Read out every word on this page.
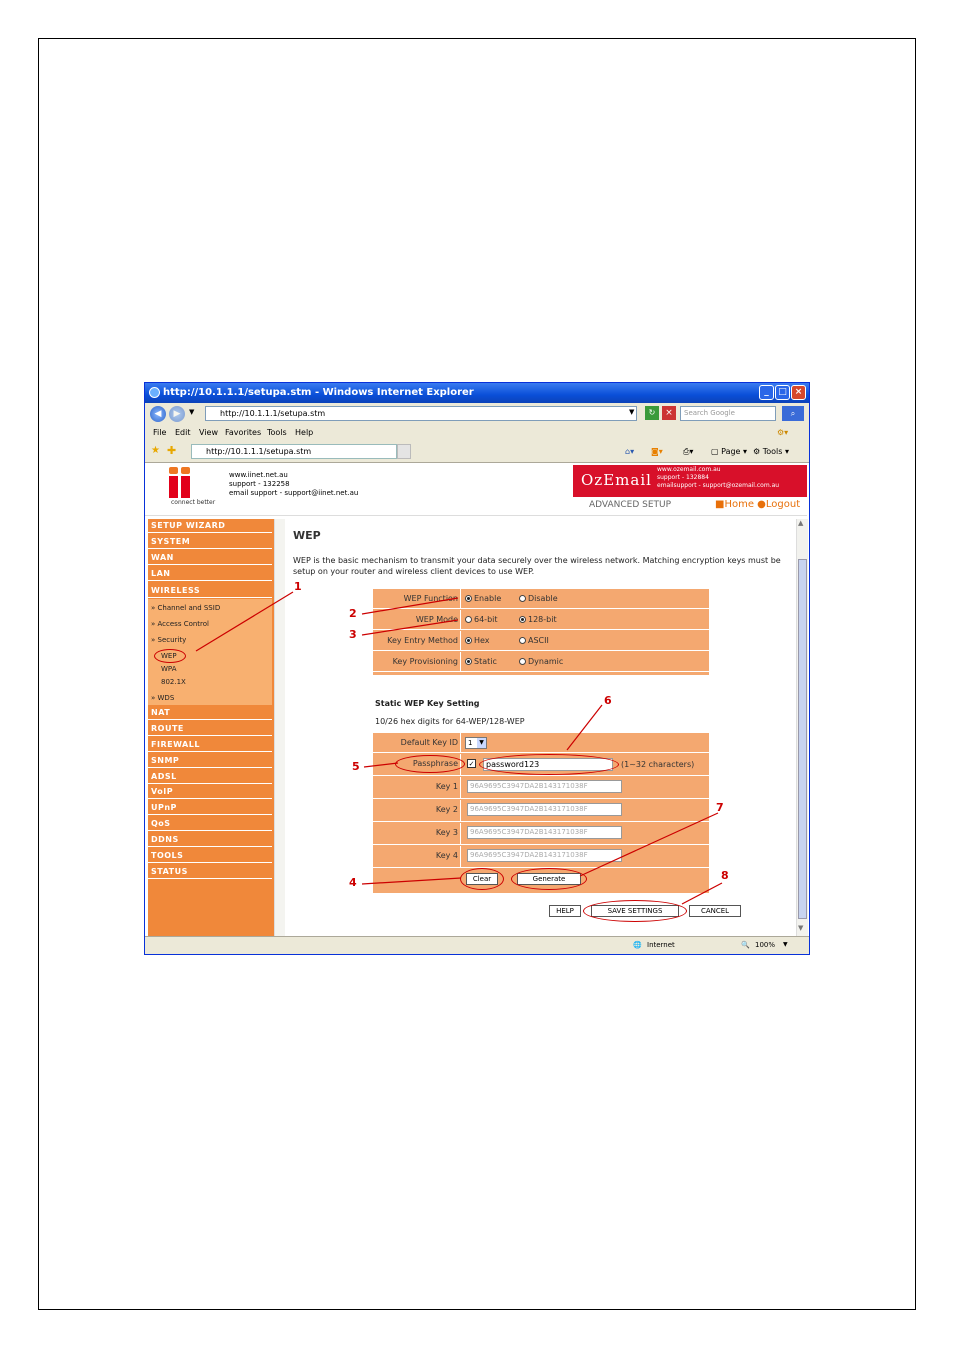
http://10.1.1.1/setupa.stm - Windows Internet Explorer	_	□ ×
◀	▶	▼	http://10.1.1.1/setupa.stm	▼	↻	×	Search Google	⌕
File Edit View Favorites Tools Help	⚙▾
★ ✚	http://10.1.1.1/setupa.stm	⌂▾ ◙▾	⎙▾ ▢ Page ▾ ⚙ Tools ▾
connect better
www.iinet.net.au
support - 132258
email support - support@iinet.net.au
OzEmail
www.ozemail.com.au
support - 132884
emailsupport - support@ozemail.com.au
ADVANCED SETUP	■Home ●Logout
SETUP WIZARD
SYSTEM
WAN
LAN
WIRELESS
» Channel and SSID
» Access Control
» Security
WEP
WPA
802.1X
» WDS
NAT
ROUTE
FIREWALL
SNMP
ADSL
VoIP
UPnP
QoS
DDNS
TOOLS
STATUS
WEP
WEP is the basic mechanism to transmit your data securely over the wireless network. Matching encryption keys must be setup on your router and wireless client devices to use WEP.
WEP Function	Enable	Disable
WEP Mode	64-bit	128-bit
Key Entry Method	Hex	ASCII
Key Provisioning	Static	Dynamic
Static WEP Key Setting
10/26 hex digits for 64-WEP/128-WEP
Default Key ID	1	▼
Passphrase	✓	password123	(1~32 characters)
Key 1	96A9695C3947DA2B143171038F
Key 2	96A9695C3947DA2B143171038F
Key 3	96A9695C3947DA2B143171038F
Key 4	96A9695C3947DA2B143171038F
Clear	Generate
HELP	SAVE SETTINGS	CANCEL
▲
▼
🌐 Internet	🔍 100% ▼
1
2
3
4
5
6
7
8
